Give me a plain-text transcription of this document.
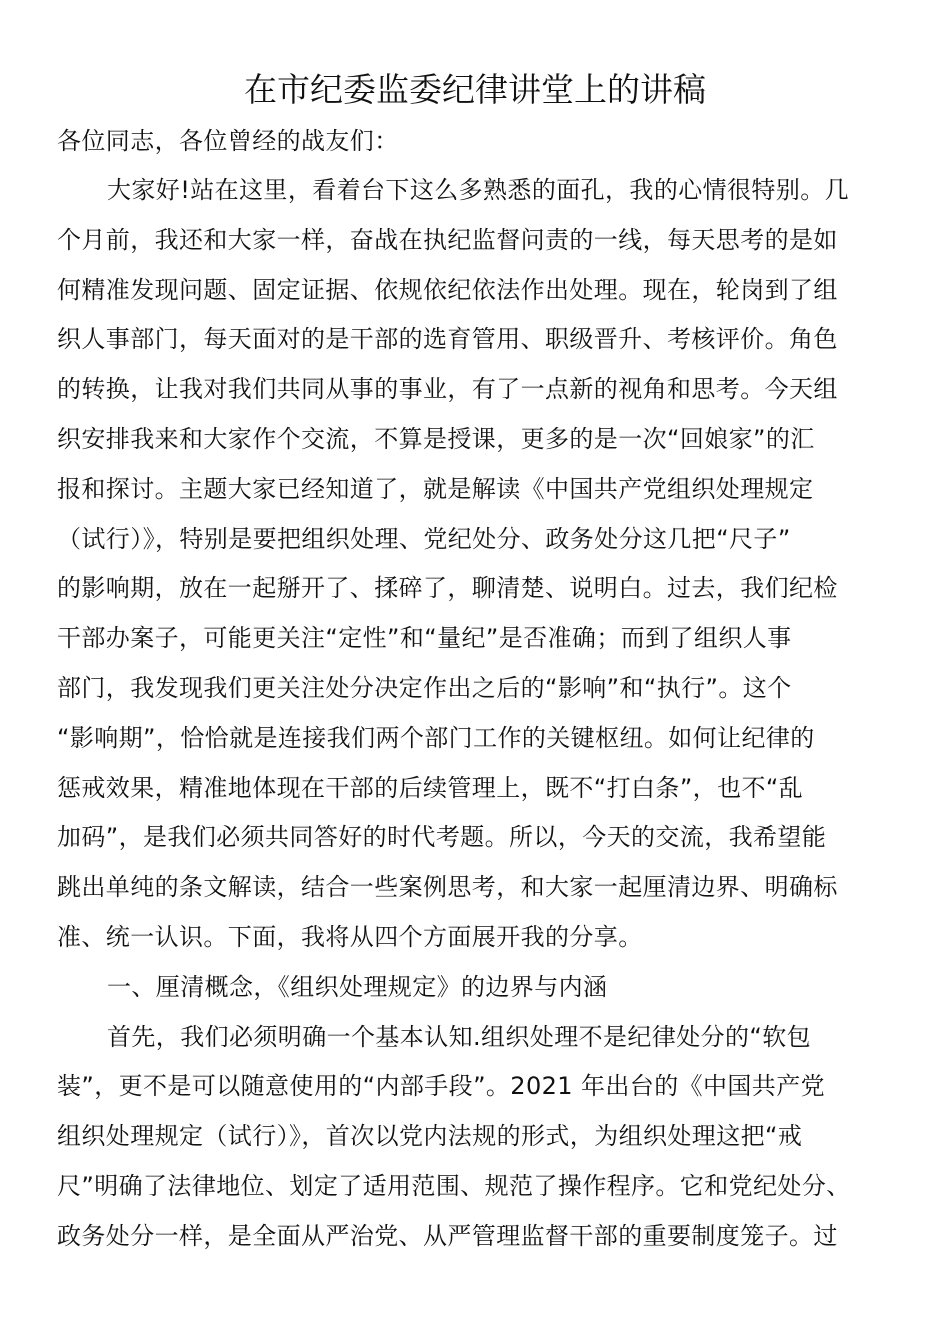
在市纪委监委纪律讲堂上的讲稿
各位同志，各位曾经的战友们：
大家好!站在这里，看着台下这么多熟悉的面孔，我的心情很特别。几
个月前，我还和大家一样，奋战在执纪监督问责的一线，每天思考的是如
何精准发现问题、固定证据、依规依纪依法作出处理。现在，轮岗到了组
织人事部门，每天面对的是干部的选育管用、职级晋升、考核评价。角色
的转换，让我对我们共同从事的事业，有了一点新的视角和思考。今天组
织安排我来和大家作个交流，不算是授课，更多的是一次“回娘家”的汇
报和探讨。主题大家已经知道了，就是解读《中国共产党组织处理规定
（试行）》，特别是要把组织处理、党纪处分、政务处分这几把“尺子”
的影响期，放在一起掰开了、揉碎了，聊清楚、说明白。过去，我们纪检
干部办案子，可能更关注“定性”和“量纪”是否准确；而到了组织人事
部门，我发现我们更关注处分决定作出之后的“影响”和“执行”。这个
“影响期”，恰恰就是连接我们两个部门工作的关键枢纽。如何让纪律的
惩戒效果，精准地体现在干部的后续管理上，既不“打白条”，也不“乱
加码”，是我们必须共同答好的时代考题。所以，今天的交流，我希望能
跳出单纯的条文解读，结合一些案例思考，和大家一起厘清边界、明确标
准、统一认识。下面，我将从四个方面展开我的分享。
一、厘清概念，《组织处理规定》的边界与内涵
首先，我们必须明确一个基本认知.组织处理不是纪律处分的“软包
装”，更不是可以随意使用的“内部手段”。2021 年出台的《中国共产党
组织处理规定（试行）》，首次以党内法规的形式，为组织处理这把“戒
尺”明确了法律地位、划定了适用范围、规范了操作程序。它和党纪处分、
政务处分一样，是全面从严治党、从严管理监督干部的重要制度笼子。过
